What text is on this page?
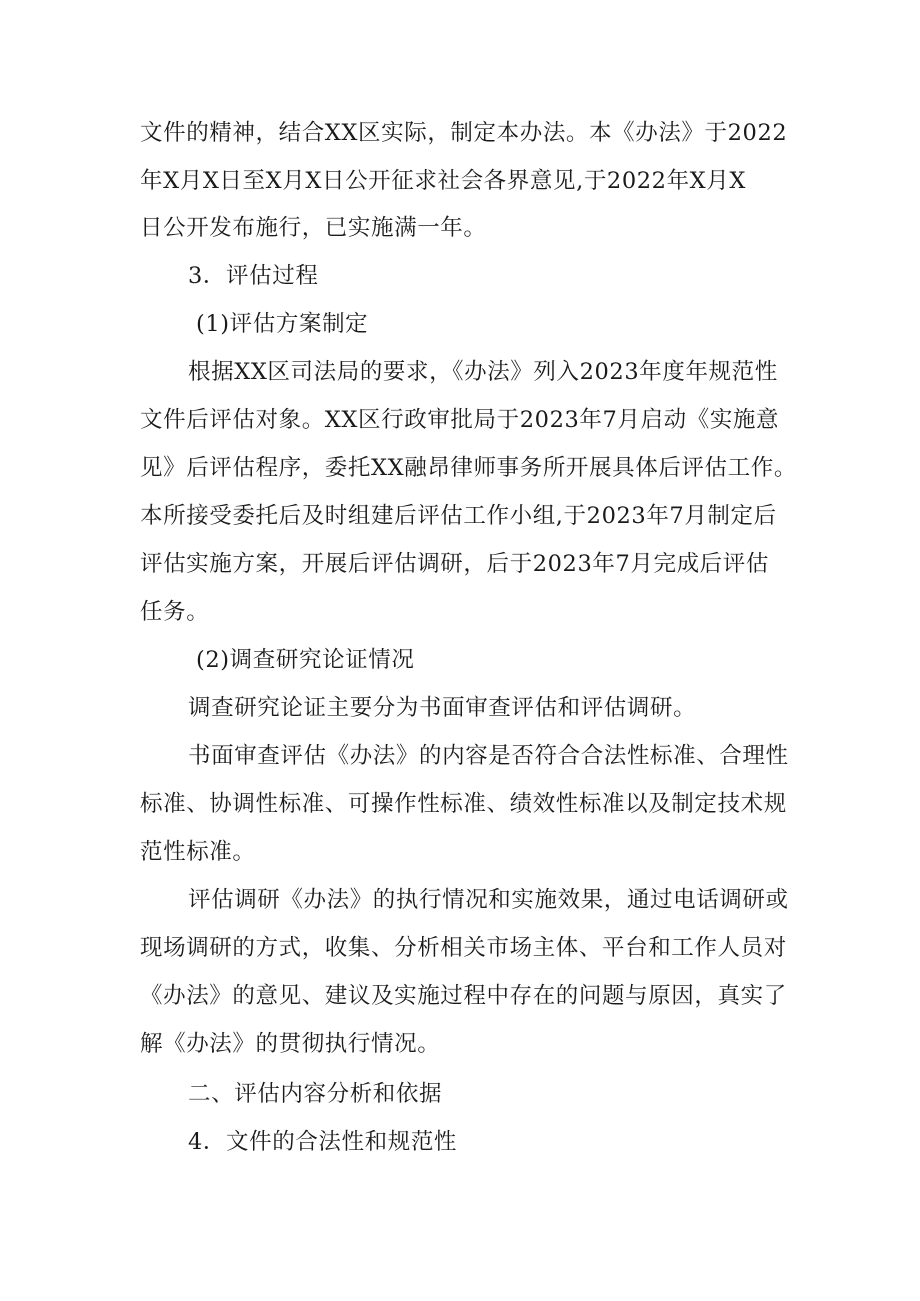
文件的精神，结合XX区实际，制定本办法。本《办法》于2022
年X月X日至X月X日公开征求社会各界意见,于2022年X月X
日公开发布施行，已实施满一年。
3．评估过程
(1)评估方案制定
根据XX区司法局的要求，《办法》列入2023年度年规范性
文件后评估对象。XX区行政审批局于2023年7月启动《实施意
见》后评估程序，委托XX融昂律师事务所开展具体后评估工作。
本所接受委托后及时组建后评估工作小组,于2023年7月制定后
评估实施方案，开展后评估调研，后于2023年7月完成后评估
任务。
(2)调查研究论证情况
调查研究论证主要分为书面审查评估和评估调研。
书面审查评估《办法》的内容是否符合合法性标准、合理性
标准、协调性标准、可操作性标准、绩效性标准以及制定技术规
范性标准。
评估调研《办法》的执行情况和实施效果，通过电话调研或
现场调研的方式，收集、分析相关市场主体、平台和工作人员对
《办法》的意见、建议及实施过程中存在的问题与原因，真实了
解《办法》的贯彻执行情况。
二、评估内容分析和依据
4．文件的合法性和规范性
